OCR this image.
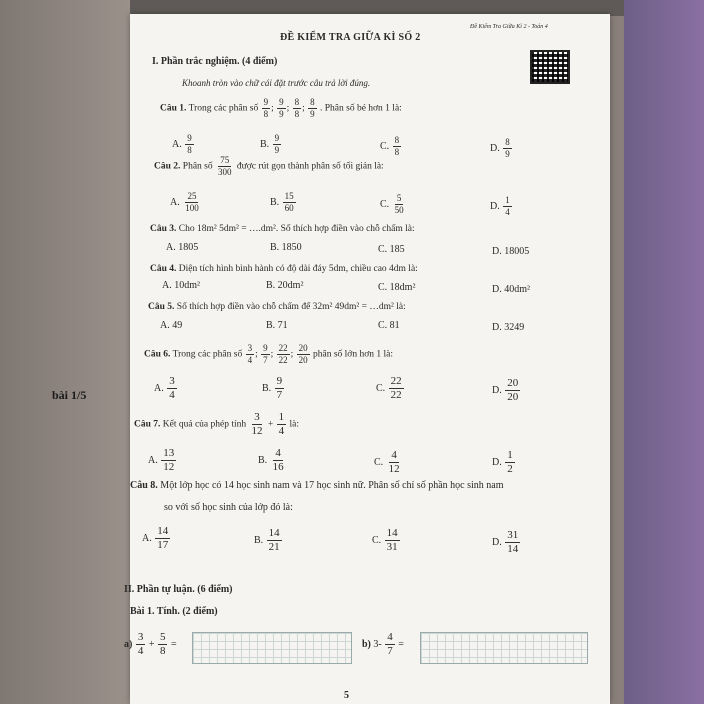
bài 1/5
ĐỀ KIỂM TRA GIỮA KÌ SỐ 2
Đề Kiểm Tra Giữa Kì 2 - Toán 4
I. Phần trắc nghiệm. (4 điểm)
Khoanh tròn vào chữ cái đặt trước câu trả lời đúng.
Câu 1. Trong các phân số $\frac{9}{8}$ ; $\frac{9}{9}$ ; $\frac{8}{8}$ ; $\frac{8}{9}$ . Phân số bé hơn 1 là:
A. $\frac{9}{8}$	B. $\frac{9}{9}$	C. $\frac{8}{8}$	D. $\frac{8}{9}$
Câu 2. Phân số $\frac{75}{300}$ được rút gọn thành phân số tối giản là:
A. $\frac{25}{100}$	B. $\frac{15}{60}$	C. $\frac{5}{50}$	D. $\frac{1}{4}$
Câu 3. Cho 18m² 5dm² = ….dm². Số thích hợp điền vào chỗ chấm là:
A. 1805	B. 1850	C. 185	D. 18005
Câu 4. Diện tích hình bình hành có độ dài đáy 5dm, chiều cao 4dm là:
A. 10dm²	B. 20dm²	C. 18dm²	D. 40dm²
Câu 5. Số thích hợp điền vào chỗ chấm để 32m² 49dm² = …dm² là:
A. 49	B. 71	C. 81	D. 3249
Câu 6. Trong các phân số $\frac{3}{4}$ ; $\frac{9}{7}$ ; $\frac{22}{22}$ ; $\frac{20}{20}$ phân số lớn hơn 1 là:
A. $\frac{3}{4}$	B. $\frac{9}{7}$	C. $\frac{22}{22}$	D. $\frac{20}{20}$
Câu 7. Kết quả của phép tính $\frac{3}{12} + \frac{1}{4}$ là:
A. $\frac{13}{12}$	B. $\frac{4}{16}$	C. $\frac{4}{12}$	D. $\frac{1}{2}$
Câu 8. Một lớp học có 14 học sinh nam và 17 học sinh nữ. Phân số chỉ số phần học sinh nam
so với số học sinh của lớp đó là:
A. $\frac{14}{17}$	B. $\frac{14}{21}$	C. $\frac{14}{31}$	D. $\frac{31}{14}$
II. Phần tự luận. (6 điểm)
Bài 1. Tính. (2 điểm)
$a) \frac{3}{4} + \frac{5}{8}$ =	b) $3- \frac{4}{7}$ =
5
